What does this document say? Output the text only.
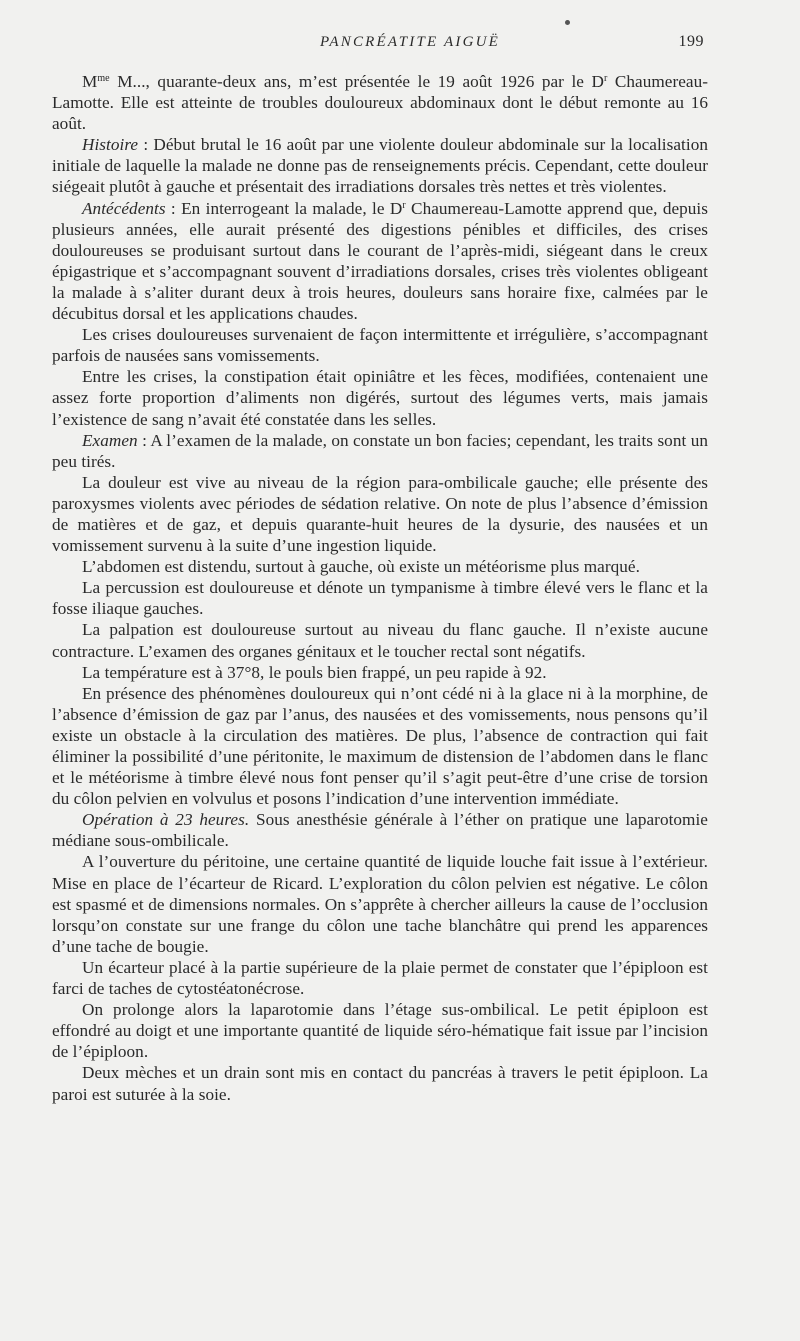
PANCRÉATITE AIGUË	199

$M^{me}$ M..., quarante-deux ans, m’est présentée le 19 août 1926 par le $D^r$ Chaumereau-Lamotte. Elle est atteinte de troubles douloureux abdominaux dont le début remonte au 16 août.

Histoire : Début brutal le 16 août par une violente douleur abdominale sur la localisation initiale de laquelle la malade ne donne pas de renseignements précis. Cependant, cette douleur siégeait plutôt à gauche et présentait des irradiations dorsales très nettes et très violentes.

Antécédents : En interrogeant la malade, le $D^r$ Chaumereau-Lamotte apprend que, depuis plusieurs années, elle aurait présenté des digestions pénibles et difficiles, des crises douloureuses se produisant surtout dans le courant de l’après-midi, siégeant dans le creux épigastrique et s’accompagnant souvent d’irradiations dorsales, crises très violentes obligeant la malade à s’aliter durant deux à trois heures, douleurs sans horaire fixe, calmées par le décubitus dorsal et les applications chaudes.

Les crises douloureuses survenaient de façon intermittente et irrégulière, s’accompagnant parfois de nausées sans vomissements.

Entre les crises, la constipation était opiniâtre et les fèces, modifiées, contenaient une assez forte proportion d’aliments non digérés, surtout des légumes verts, mais jamais l’existence de sang n’avait été constatée dans les selles.

Examen : A l’examen de la malade, on constate un bon facies; cependant, les traits sont un peu tirés.

La douleur est vive au niveau de la région para-ombilicale gauche; elle présente des paroxysmes violents avec périodes de sédation relative. On note de plus l’absence d’émission de matières et de gaz, et depuis quarante-huit heures de la dysurie, des nausées et un vomissement survenu à la suite d’une ingestion liquide.

L’abdomen est distendu, surtout à gauche, où existe un météorisme plus marqué.

La percussion est douloureuse et dénote un tympanisme à timbre élevé vers le flanc et la fosse iliaque gauches.

La palpation est douloureuse surtout au niveau du flanc gauche. Il n’existe aucune contracture. L’examen des organes génitaux et le toucher rectal sont négatifs.

La température est à 37°8, le pouls bien frappé, un peu rapide à 92.

En présence des phénomènes douloureux qui n’ont cédé ni à la glace ni à la morphine, de l’absence d’émission de gaz par l’anus, des nausées et des vomissements, nous pensons qu’il existe un obstacle à la circulation des matières. De plus, l’absence de contraction qui fait éliminer la possibilité d’une péritonite, le maximum de distension de l’abdomen dans le flanc et le météorisme à timbre élevé nous font penser qu’il s’agit peut-être d’une crise de torsion du côlon pelvien en volvulus et posons l’indication d’une intervention immédiate.

Opération à 23 heures. Sous anesthésie générale à l’éther on pratique une laparotomie médiane sous-ombilicale.

A l’ouverture du péritoine, une certaine quantité de liquide louche fait issue à l’extérieur. Mise en place de l’écarteur de Ricard. L’exploration du côlon pelvien est négative. Le côlon est spasmé et de dimensions normales. On s’apprête à chercher ailleurs la cause de l’occlusion lorsqu’on constate sur une frange du côlon une tache blanchâtre qui prend les apparences d’une tache de bougie.

Un écarteur placé à la partie supérieure de la plaie permet de constater que l’épiploon est farci de taches de cytostéatonécrose.

On prolonge alors la laparotomie dans l’étage sus-ombilical. Le petit épiploon est effondré au doigt et une importante quantité de liquide séro-hématique fait issue par l’incision de l’épiploon.

Deux mèches et un drain sont mis en contact du pancréas à travers le petit épiploon. La paroi est suturée à la soie.
